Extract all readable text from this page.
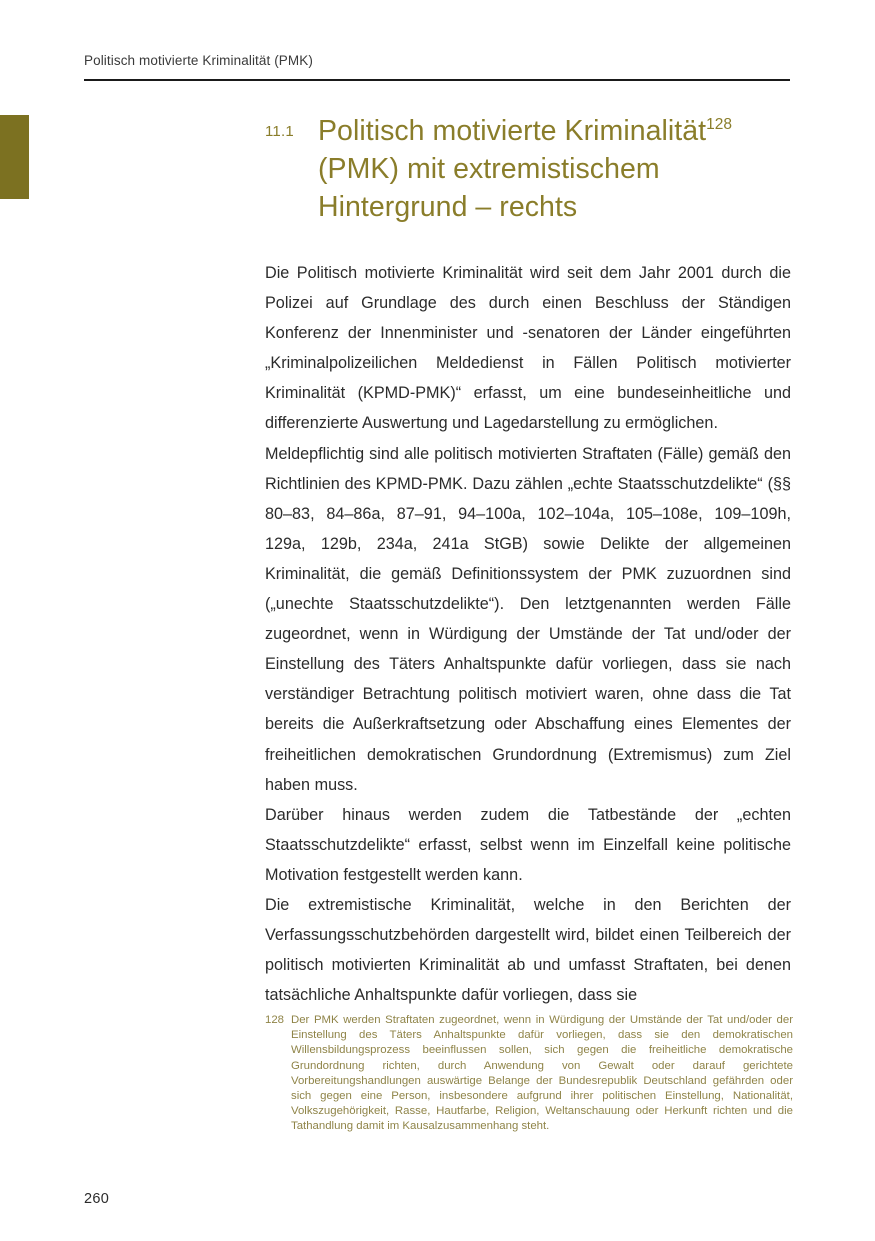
Politisch motivierte Kriminalität (PMK)
11.1 Politisch motivierte Kriminalität$^{128}$ (PMK) mit extremistischem Hintergrund – rechts

Die Politisch motivierte Kriminalität wird seit dem Jahr 2001 durch die Polizei auf Grundlage des durch einen Beschluss der Ständigen Konferenz der Innenminister und -senatoren der Länder eingeführten „Kriminalpolizeilichen Meldedienst in Fällen Politisch motivierter Kriminalität (KPMD-PMK)“ erfasst, um eine bundeseinheitliche und differenzierte Auswertung und Lagedarstellung zu ermöglichen.

Meldepflichtig sind alle politisch motivierten Straftaten (Fälle) gemäß den Richtlinien des KPMD-PMK. Dazu zählen „echte Staatsschutzdelikte“ (§§ 80–83, 84–86a, 87–91, 94–100a, 102–104a, 105–108e, 109–109h, 129a, 129b, 234a, 241a StGB) sowie Delikte der allgemeinen Kriminalität, die gemäß Definitionssystem der PMK zuzuordnen sind („unechte Staatsschutzdelikte“). Den letztgenannten werden Fälle zugeordnet, wenn in Würdigung der Umstände der Tat und/oder der Einstellung des Täters Anhaltspunkte dafür vorliegen, dass sie nach verständiger Betrachtung politisch motiviert waren, ohne dass die Tat bereits die Außerkraftsetzung oder Abschaffung eines Elementes der freiheitlichen demokratischen Grundordnung (Extremismus) zum Ziel haben muss.

Darüber hinaus werden zudem die Tatbestände der „echten Staatsschutzdelikte“ erfasst, selbst wenn im Einzelfall keine politische Motivation festgestellt werden kann.

Die extremistische Kriminalität, welche in den Berichten der Verfassungsschutzbehörden dargestellt wird, bildet einen Teilbereich der politisch motivierten Kriminalität ab und umfasst Straftaten, bei denen tatsächliche Anhaltspunkte dafür vorliegen, dass sie

128 Der PMK werden Straftaten zugeordnet, wenn in Würdigung der Umstände der Tat und/oder der Einstellung des Täters Anhaltspunkte dafür vorliegen, dass sie den demokratischen Willensbildungsprozess beeinflussen sollen, sich gegen die freiheitliche demokratische Grundordnung richten, durch Anwendung von Gewalt oder darauf gerichtete Vorbereitungshandlungen auswärtige Belange der Bundesrepublik Deutschland gefährden oder sich gegen eine Person, insbesondere aufgrund ihrer politischen Einstellung, Nationalität, Volkszugehörigkeit, Rasse, Hautfarbe, Religion, Weltanschauung oder Herkunft richten und die Tathandlung damit im Kausalzusammenhang steht.
260
